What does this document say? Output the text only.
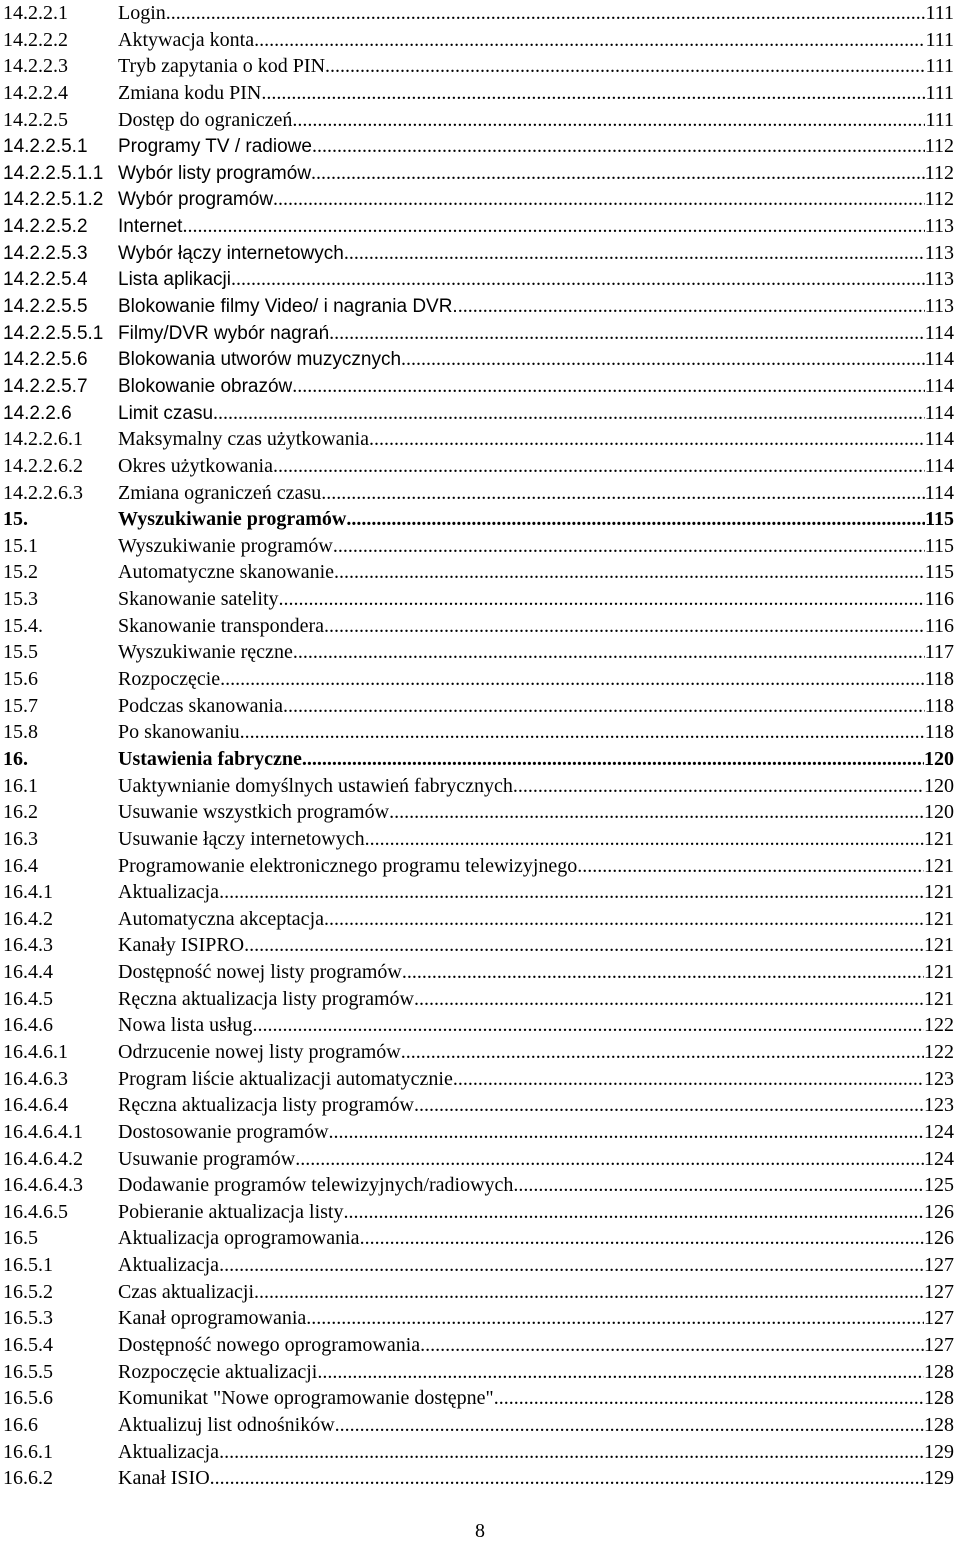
14.2.2.1	Login .....	111
14.2.2.2	Aktywacja konta .....	111
14.2.2.3	Tryb zapytania o kod PIN .....	111
14.2.2.4	Zmiana kodu PIN .....	111
14.2.2.5	Dostęp do ograniczeń .....	111
14.2.2.5.1	Programy TV / radiowe .....	112
14.2.2.5.1.1 Wybór listy programów .....	112
14.2.2.5.1.2 Wybór programów .....	112
14.2.2.5.2	Internet .....	113
14.2.2.5.3	Wybór łączy internetowych .....	113
14.2.2.5.4	Lista aplikacji .....	113
14.2.2.5.5	Blokowanie filmy Video/ i nagrania DVR. .....	113
14.2.2.5.5.1 Filmy/DVR wybór nagrań .....	114
14.2.2.5.6	Blokowania utworów muzycznych .....	114
14.2.2.5.7	Blokowanie obrazów .....	114
14.2.2.6	Limit czasu .....	114
14.2.2.6.1	Maksymalny czas użytkowania .....	114
14.2.2.6.2	Okres użytkowania .....	114
14.2.2.6.3	Zmiana ograniczeń czasu .....	114
15.	Wyszukiwanie programów .....	115
15.1	Wyszukiwanie programów .....	115
15.2	Automatyczne skanowanie .....	115
15.3	Skanowanie satelity .....	116
15.4.	Skanowanie transpondera .....	116
15.5	Wyszukiwanie ręczne .....	117
15.6	Rozpoczęcie .....	118
15.7	Podczas skanowania .....	118
15.8	Po skanowaniu .....	118
16.	Ustawienia fabryczne .....	120
16.1	Uaktywnianie domyślnych ustawień fabrycznych .....	120
16.2	Usuwanie wszystkich programów .....	120
16.3	Usuwanie łączy internetowych .....	121
16.4	Programowanie elektronicznego programu telewizyjnego .....	121
16.4.1	Aktualizacja .....	121
16.4.2	Automatyczna akceptacja .....	121
16.4.3	Kanały ISIPRO .....	121
16.4.4	Dostępność nowej listy programów .....	121
16.4.5	Ręczna aktualizacja listy programów .....	121
16.4.6	Nowa lista usług .....	122
16.4.6.1	Odrzucenie nowej listy programów .....	122
16.4.6.3	Program liście aktualizacji automatycznie .....	123
16.4.6.4	Ręczna aktualizacja listy programów .....	123
16.4.6.4.1	Dostosowanie programów .....	124
16.4.6.4.2	Usuwanie programów .....	124
16.4.6.4.3	Dodawanie programów telewizyjnych/radiowych .....	125
16.4.6.5	Pobieranie aktualizacja listy .....	126
16.5	Aktualizacja oprogramowania .....	126
16.5.1	Aktualizacja .....	127
16.5.2	Czas aktualizacji .....	127
16.5.3	Kanał oprogramowania .....	127
16.5.4	Dostępność nowego oprogramowania .....	127
16.5.5	Rozpoczęcie aktualizacji .....	128
16.5.6	Komunikat "Nowe oprogramowanie dostępne" .....	128
16.6	Aktualizuj list odnośników .....	128
16.6.1	Aktualizacja .....	129
16.6.2	Kanał ISIO .....	129
8
